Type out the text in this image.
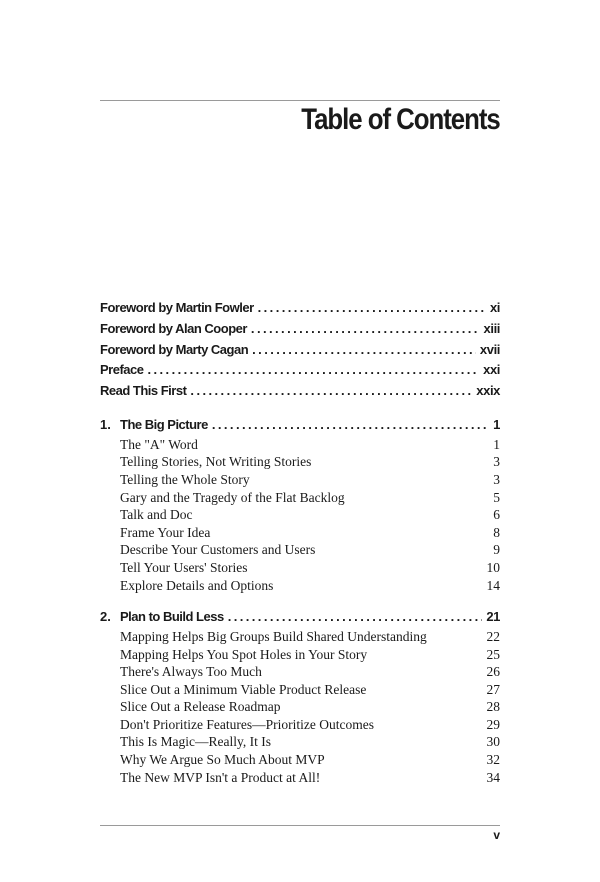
Table of Contents
Foreword by Martin Fowler . . .	xi
Foreword by Alan Cooper . . .	xiii
Foreword by Marty Cagan . . .	xvii
Preface . . .	xxi
Read This First . . .	xxix
1. The Big Picture . . .	1
The "A" Word	1
Telling Stories, Not Writing Stories	3
Telling the Whole Story	3
Gary and the Tragedy of the Flat Backlog	5
Talk and Doc	6
Frame Your Idea	8
Describe Your Customers and Users	9
Tell Your Users' Stories	10
Explore Details and Options	14
2. Plan to Build Less . . .	21
Mapping Helps Big Groups Build Shared Understanding	22
Mapping Helps You Spot Holes in Your Story	25
There's Always Too Much	26
Slice Out a Minimum Viable Product Release	27
Slice Out a Release Roadmap	28
Don't Prioritize Features—Prioritize Outcomes	29
This Is Magic—Really, It Is	30
Why We Argue So Much About MVP	32
The New MVP Isn't a Product at All!	34
v
